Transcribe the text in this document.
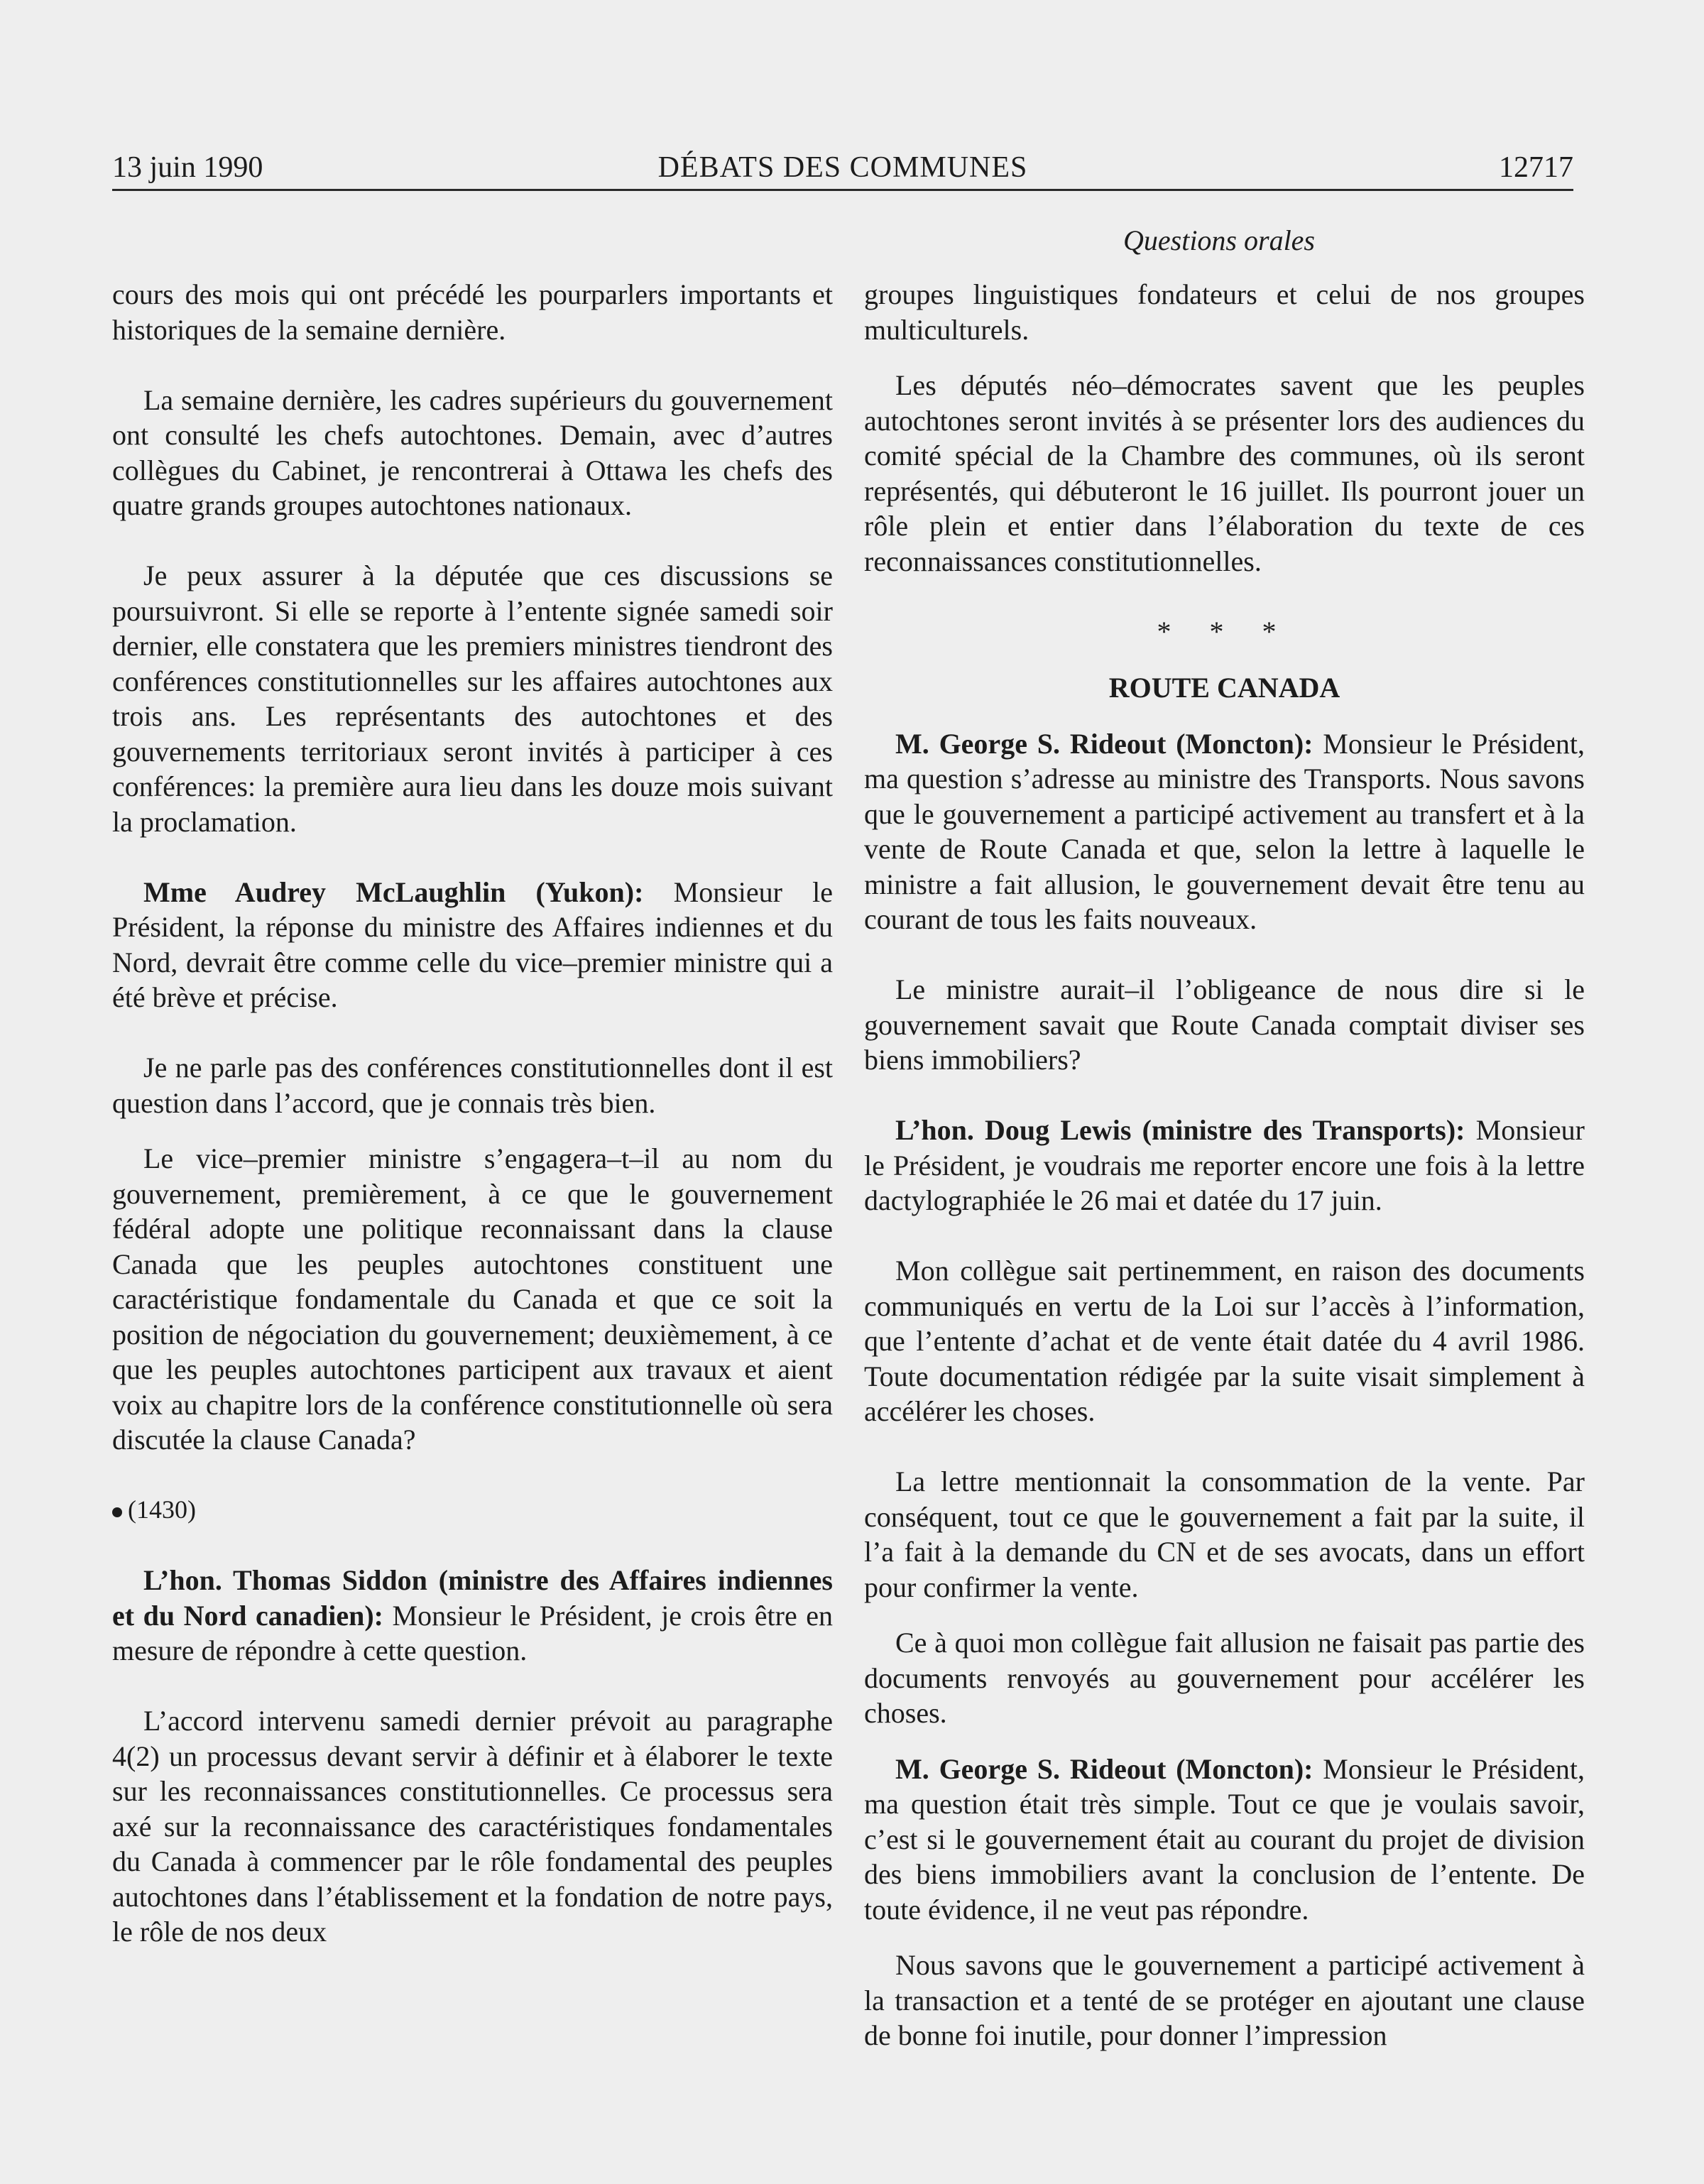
13 juin 1990	DÉBATS DES COMMUNES	12717
Questions orales

cours des mois qui ont précédé les pourparlers importants et historiques de la semaine dernière.

La semaine dernière, les cadres supérieurs du gouvernement ont consulté les chefs autochtones. Demain, avec d’autres collègues du Cabinet, je rencontrerai à Ottawa les chefs des quatre grands groupes autochtones nationaux.

Je peux assurer à la députée que ces discussions se poursuivront. Si elle se reporte à l’entente signée samedi soir dernier, elle constatera que les premiers ministres tiendront des conférences constitutionnelles sur les affaires autochtones aux trois ans. Les représentants des autochtones et des gouvernements territoriaux seront invités à participer à ces conférences: la première aura lieu dans les douze mois suivant la proclamation.

Mme Audrey McLaughlin (Yukon): Monsieur le Président, la réponse du ministre des Affaires indiennes et du Nord, devrait être comme celle du vice–premier ministre qui a été brève et précise.

Je ne parle pas des conférences constitutionnelles dont il est question dans l’accord, que je connais très bien.

Le vice–premier ministre s’engagera–t–il au nom du gouvernement, premièrement, à ce que le gouvernement fédéral adopte une politique reconnaissant dans la clause Canada que les peuples autochtones constituent une caractéristique fondamentale du Canada et que ce soit la position de négociation du gouvernement; deuxièmement, à ce que les peuples autochtones participent aux travaux et aient voix au chapitre lors de la conférence constitutionnelle où sera discutée la clause Canada?

(1430)

L’hon. Thomas Siddon (ministre des Affaires indiennes et du Nord canadien): Monsieur le Président, je crois être en mesure de répondre à cette question.

L’accord intervenu samedi dernier prévoit au paragraphe 4(2) un processus devant servir à définir et à élaborer le texte sur les reconnaissances constitutionnelles. Ce processus sera axé sur la reconnaissance des caractéristiques fondamentales du Canada à commencer par le rôle fondamental des peuples autochtones dans l’établissement et la fondation de notre pays, le rôle de nos deux

groupes linguistiques fondateurs et celui de nos groupes multiculturels.

Les députés néo–démocrates savent que les peuples autochtones seront invités à se présenter lors des audiences du comité spécial de la Chambre des communes, où ils seront représentés, qui débuteront le 16 juillet. Ils pourront jouer un rôle plein et entier dans l’élaboration du texte de ces reconnaissances constitutionnelles.

* * *

ROUTE CANADA

M. George S. Rideout (Moncton): Monsieur le Président, ma question s’adresse au ministre des Transports. Nous savons que le gouvernement a participé activement au transfert et à la vente de Route Canada et que, selon la lettre à laquelle le ministre a fait allusion, le gouvernement devait être tenu au courant de tous les faits nouveaux.

Le ministre aurait–il l’obligeance de nous dire si le gouvernement savait que Route Canada comptait diviser ses biens immobiliers?

L’hon. Doug Lewis (ministre des Transports): Monsieur le Président, je voudrais me reporter encore une fois à la lettre dactylographiée le 26 mai et datée du 17 juin.

Mon collègue sait pertinemment, en raison des documents communiqués en vertu de la Loi sur l’accès à l’information, que l’entente d’achat et de vente était datée du 4 avril 1986. Toute documentation rédigée par la suite visait simplement à accélérer les choses.

La lettre mentionnait la consommation de la vente. Par conséquent, tout ce que le gouvernement a fait par la suite, il l’a fait à la demande du CN et de ses avocats, dans un effort pour confirmer la vente.

Ce à quoi mon collègue fait allusion ne faisait pas partie des documents renvoyés au gouvernement pour accélérer les choses.

M. George S. Rideout (Moncton): Monsieur le Président, ma question était très simple. Tout ce que je voulais savoir, c’est si le gouvernement était au courant du projet de division des biens immobiliers avant la conclusion de l’entente. De toute évidence, il ne veut pas répondre.

Nous savons que le gouvernement a participé activement à la transaction et a tenté de se protéger en ajoutant une clause de bonne foi inutile, pour donner l’impression
